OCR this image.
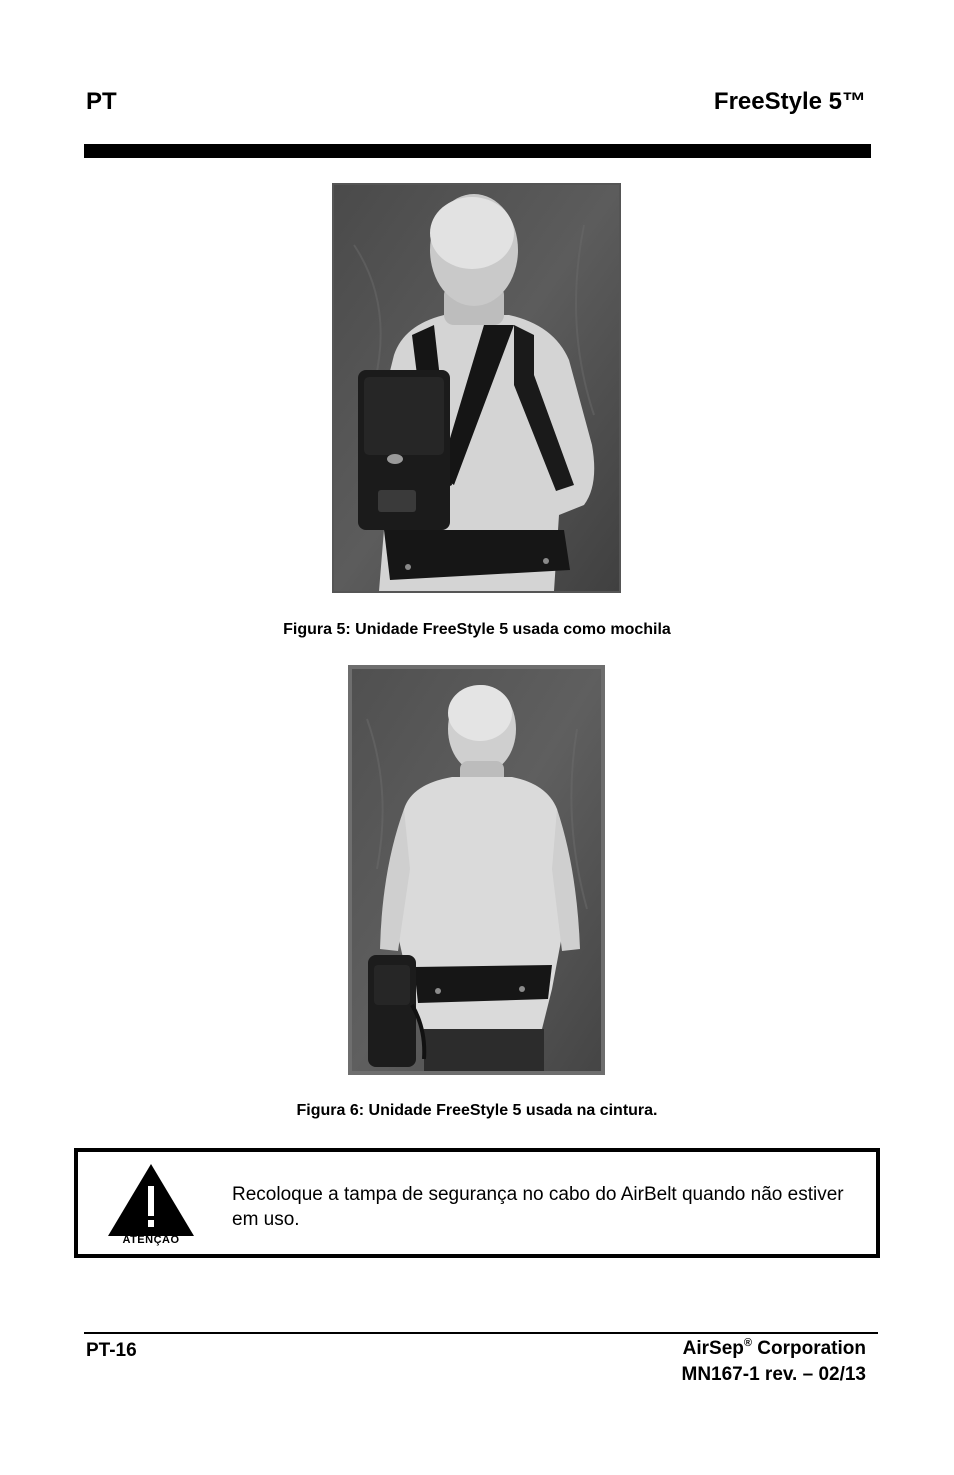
PT	FreeStyle 5™
Figura 5: Unidade FreeStyle 5 usada como mochila
Figura 6: Unidade FreeStyle 5 usada na cintura.
ATENÇÃO
Recoloque a tampa de segurança no cabo do AirBelt quando não estiver em uso.
PT-16	AirSep® Corporation
MN167-1 rev. – 02/13
